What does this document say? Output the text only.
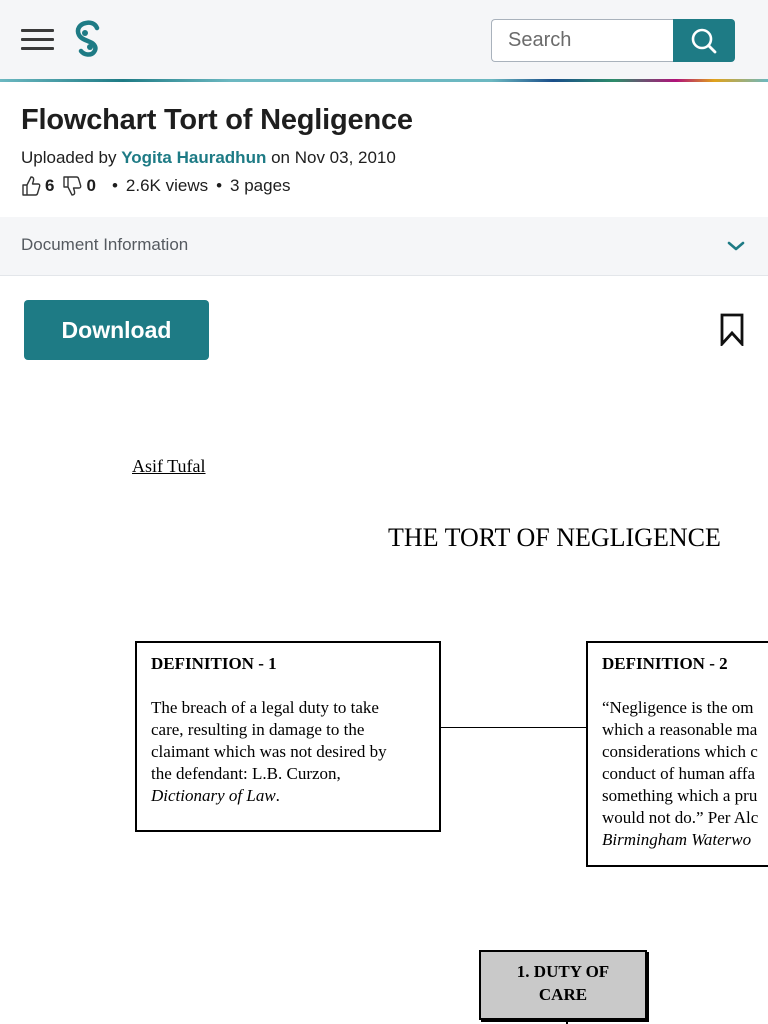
Search
Flowchart Tort of Negligence
Uploaded by Yogita Hauradhun on Nov 03, 2010
6 0 • 2.6K views • 3 pages
Document Information
Download
Asif Tufal
THE TORT OF NEGLIGENCE
DEFINITION - 1
The breach of a legal duty to take
care, resulting in damage to the
claimant which was not desired by
the defendant: L.B. Curzon,
Dictionary of Law.
DEFINITION - 2
“Negligence is the om
which a reasonable ma
considerations which c
conduct of human affa
something which a pru
would not do.” Per Alc
Birmingham Waterwo
1. DUTY OF
CARE
